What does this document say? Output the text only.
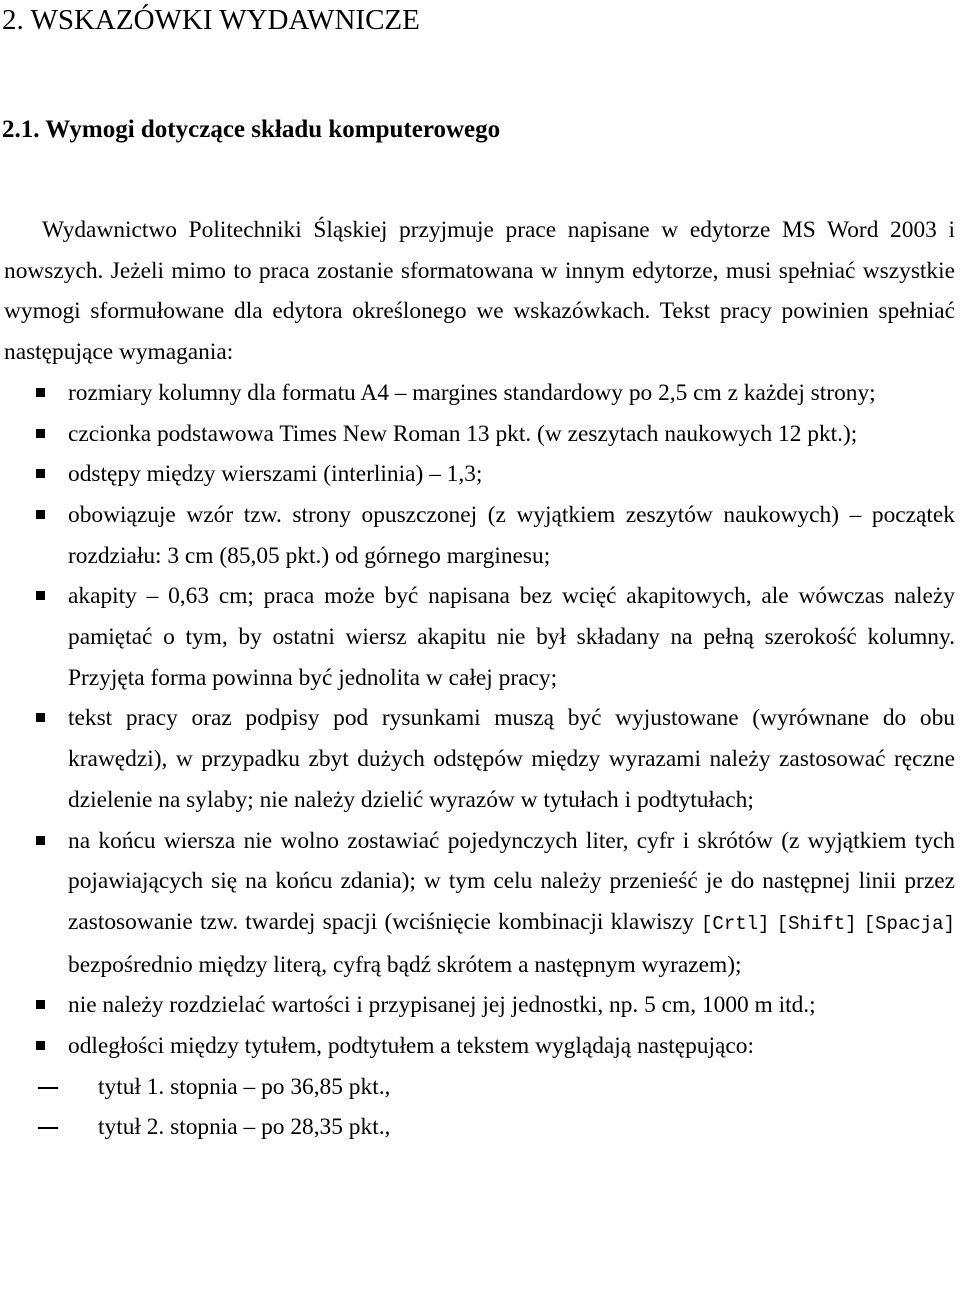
2. WSKAZÓWKI WYDAWNICZE
2.1. Wymogi dotyczące składu komputerowego

Wydawnictwo Politechniki Śląskiej przyjmuje prace napisane w edytorze MS Word 2003 i nowszych. Jeżeli mimo to praca zostanie sformatowana w innym edytorze, musi spełniać wszystkie wymogi sformułowane dla edytora określonego we wskazówkach. Tekst pracy powinien spełniać następujące wymagania:

rozmiary kolumny dla formatu A4 – margines standardowy po 2,5 cm z każdej strony;
czcionka podstawowa Times New Roman 13 pkt. (w zeszytach naukowych 12 pkt.);
odstępy między wierszami (interlinia) – 1,3;
obowiązuje wzór tzw. strony opuszczonej (z wyjątkiem zeszytów naukowych) – początek rozdziału: 3 cm (85,05 pkt.) od górnego marginesu;
akapity – 0,63 cm; praca może być napisana bez wcięć akapitowych, ale wówczas należy pamiętać o tym, by ostatni wiersz akapitu nie był składany na pełną szerokość kolumny. Przyjęta forma powinna być jednolita w całej pracy;
tekst pracy oraz podpisy pod rysunkami muszą być wyjustowane (wyrównane do obu krawędzi), w przypadku zbyt dużych odstępów między wyrazami należy zastosować ręczne dzielenie na sylaby; nie należy dzielić wyrazów w tytułach i podtytułach;
na końcu wiersza nie wolno zostawiać pojedynczych liter, cyfr i skrótów (z wyjątkiem tych pojawiających się na końcu zdania); w tym celu należy przenieść je do następnej linii przez zastosowanie tzw. twardej spacji (wciśnięcie kombinacji klawiszy [Crtl] [Shift] [Spacja] bezpośrednio między literą, cyfrą bądź skrótem a następnym wyrazem);
nie należy rozdzielać wartości i przypisanej jej jednostki, np. 5 cm, 1000 m itd.;
odległości między tytułem, podtytułem a tekstem wyglądają następująco:
tytuł 1. stopnia – po 36,85 pkt.,
tytuł 2. stopnia – po 28,35 pkt.,
